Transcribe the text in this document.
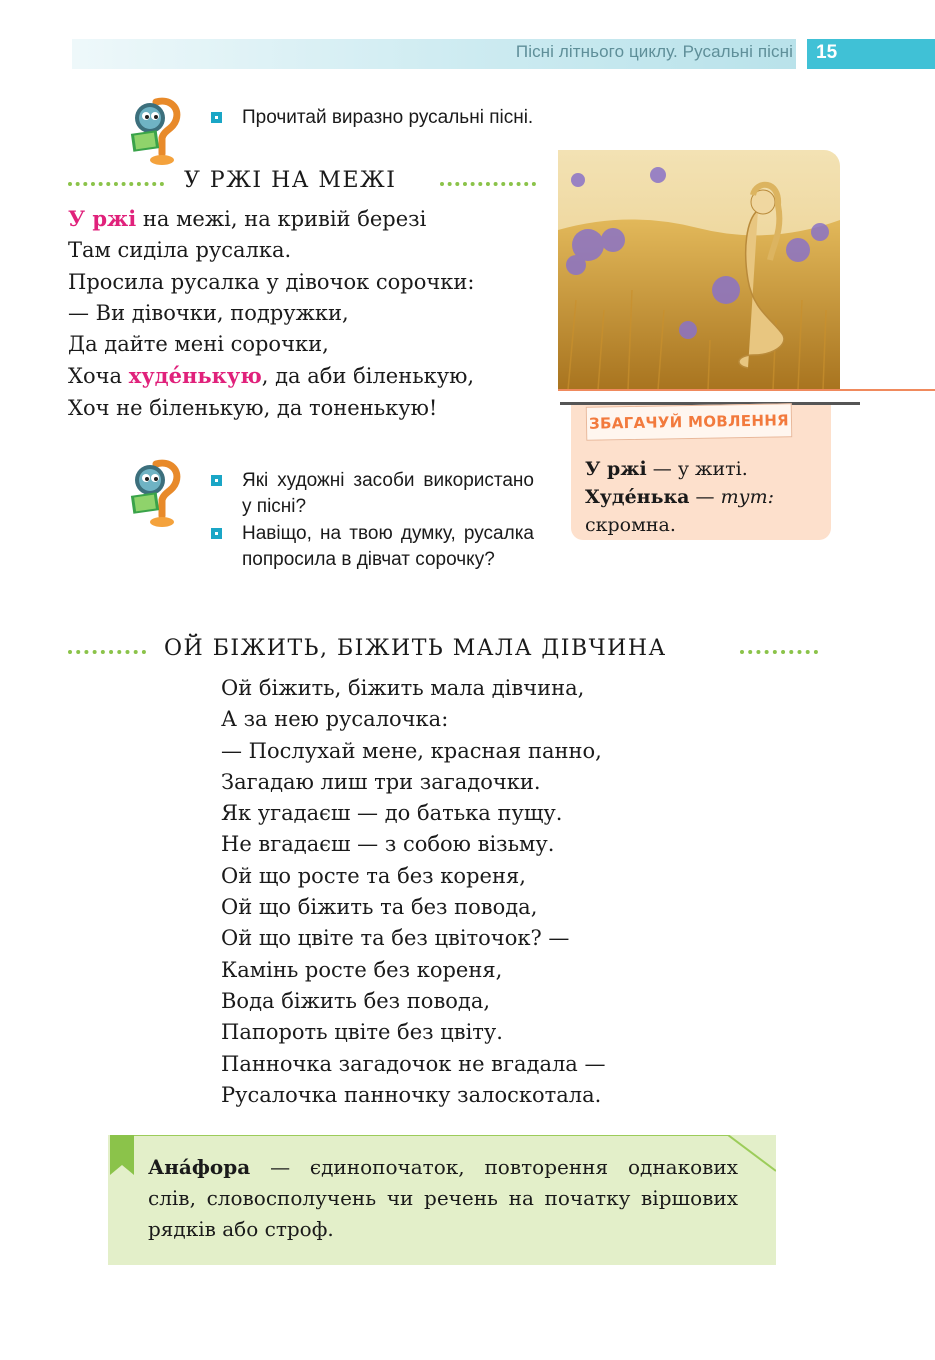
Пісні літнього циклу. Русальні пісні 15
Прочитай виразно русальні пісні.
У РЖІ НА МЕЖІ
У ржі на межі, на кривій березі
Там сиділа русалка.
Просила русалка у дівочок сорочки:
— Ви дівочки, подружки,
Да дайте мені сорочки,
Хоча худе́нькую, да аби біленькую,
Хоч не біленькую, да тоненькую!
ЗБАГАЧУЙ МОВЛЕННЯ
У ржі — у житі.
Худе́нька — тут:
скромна.
Які художні засоби використано у пісні?
Навіщо, на твою думку, русалка попросила в дівчат сорочку?
ОЙ БІЖИТЬ, БІЖИТЬ МАЛА ДІВЧИНА
Ой біжить, біжить мала дівчина,
А за нею русалочка:
— Послухай мене, красная панно,
Загадаю лиш три загадочки.
Як угадаєш — до батька пущу.
Не вгадаєш — з собою візьму.
Ой що росте та без кореня,
Ой що біжить та без повода,
Ой що цвіте та без цвіточок? —
Камінь росте без кореня,
Вода біжить без повода,
Папороть цвіте без цвіту.
Панночка загадочок не вгадала —
Русалочка панночку залоскотала.
Ана́фора — єдинопочаток, повторення однакових слів, словосполучень чи речень на початку віршових рядків або строф.
